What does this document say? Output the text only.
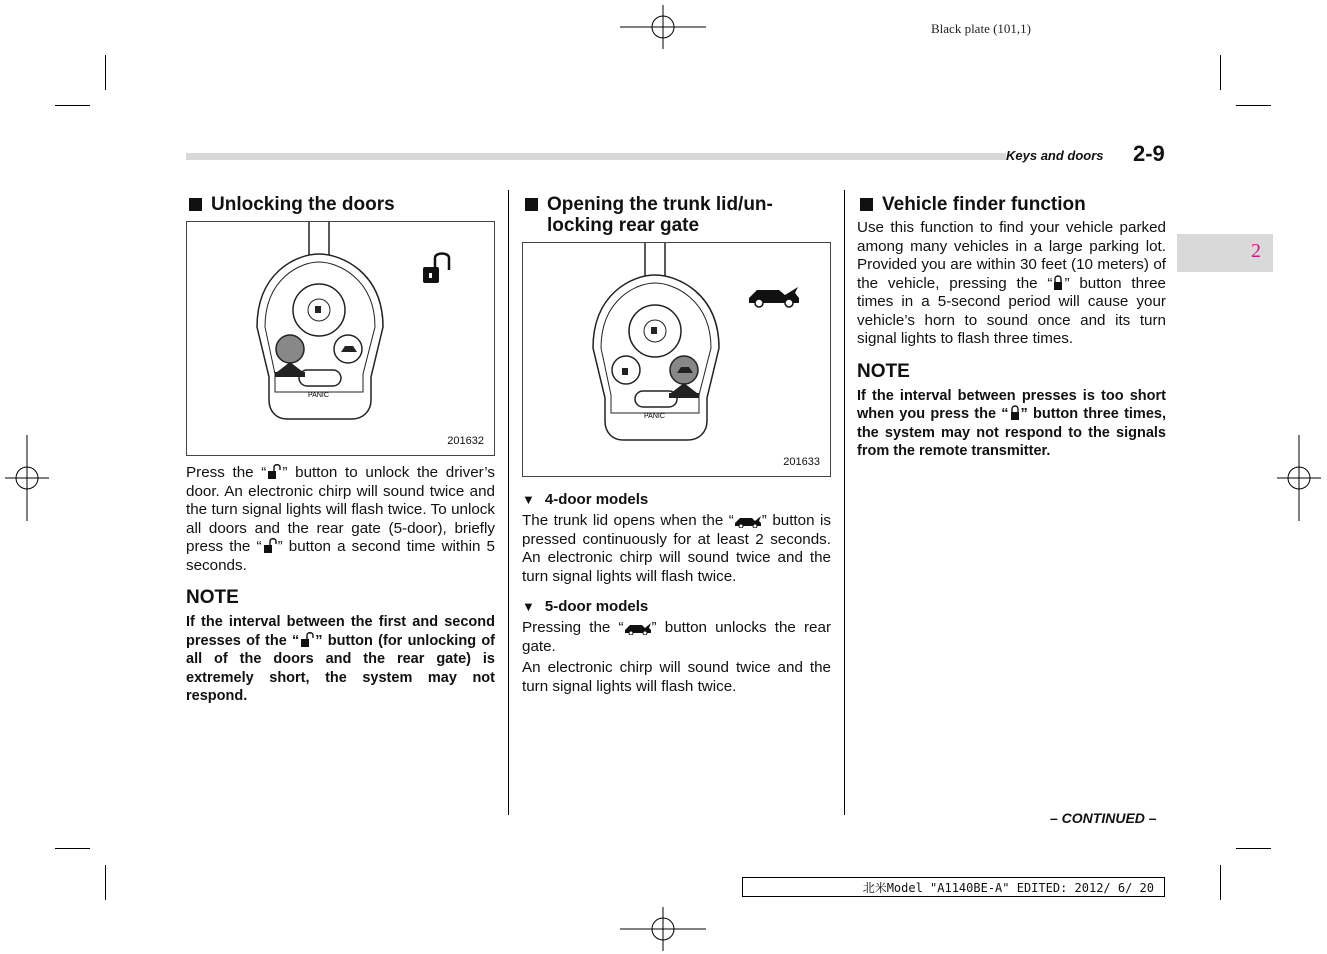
Black plate (101,1)
Keys and doors 2-9
2
Unlocking the doors
PANIC
201632

Press the “ ” button to unlock the driver’s door. An electronic chirp will sound twice and the turn signal lights will flash twice. To unlock all doors and the rear gate (5-door), briefly press the “ ” button a second time within 5 seconds.

NOTE
If the interval between the first and second presses of the “ ” button (for unlocking of all of the doors and the rear gate) is extremely short, the system may not respond.
Opening the trunk lid/unlocking rear gate
PANIC
201633
▼ 4-door models

The trunk lid opens when the “ ” button is pressed continuously for at least 2 seconds. An electronic chirp will sound twice and the turn signal lights will flash twice.

▼ 5-door models

Pressing the “ ” button unlocks the rear gate.

An electronic chirp will sound twice and the turn signal lights will flash twice.

Vehicle finder function

Use this function to find your vehicle parked among many vehicles in a large parking lot. Provided you are within 30 feet (10 meters) of the vehicle, pressing the “ ” button three times in a 5-second period will cause your vehicle’s horn to sound once and its turn signal lights to flash three times.

NOTE
If the interval between presses is too short when you press the “ ” button three times, the system may not respond to the signals from the remote transmitter.
– CONTINUED –
北米Model "A1140BE-A" EDITED: 2012/ 6/ 20
